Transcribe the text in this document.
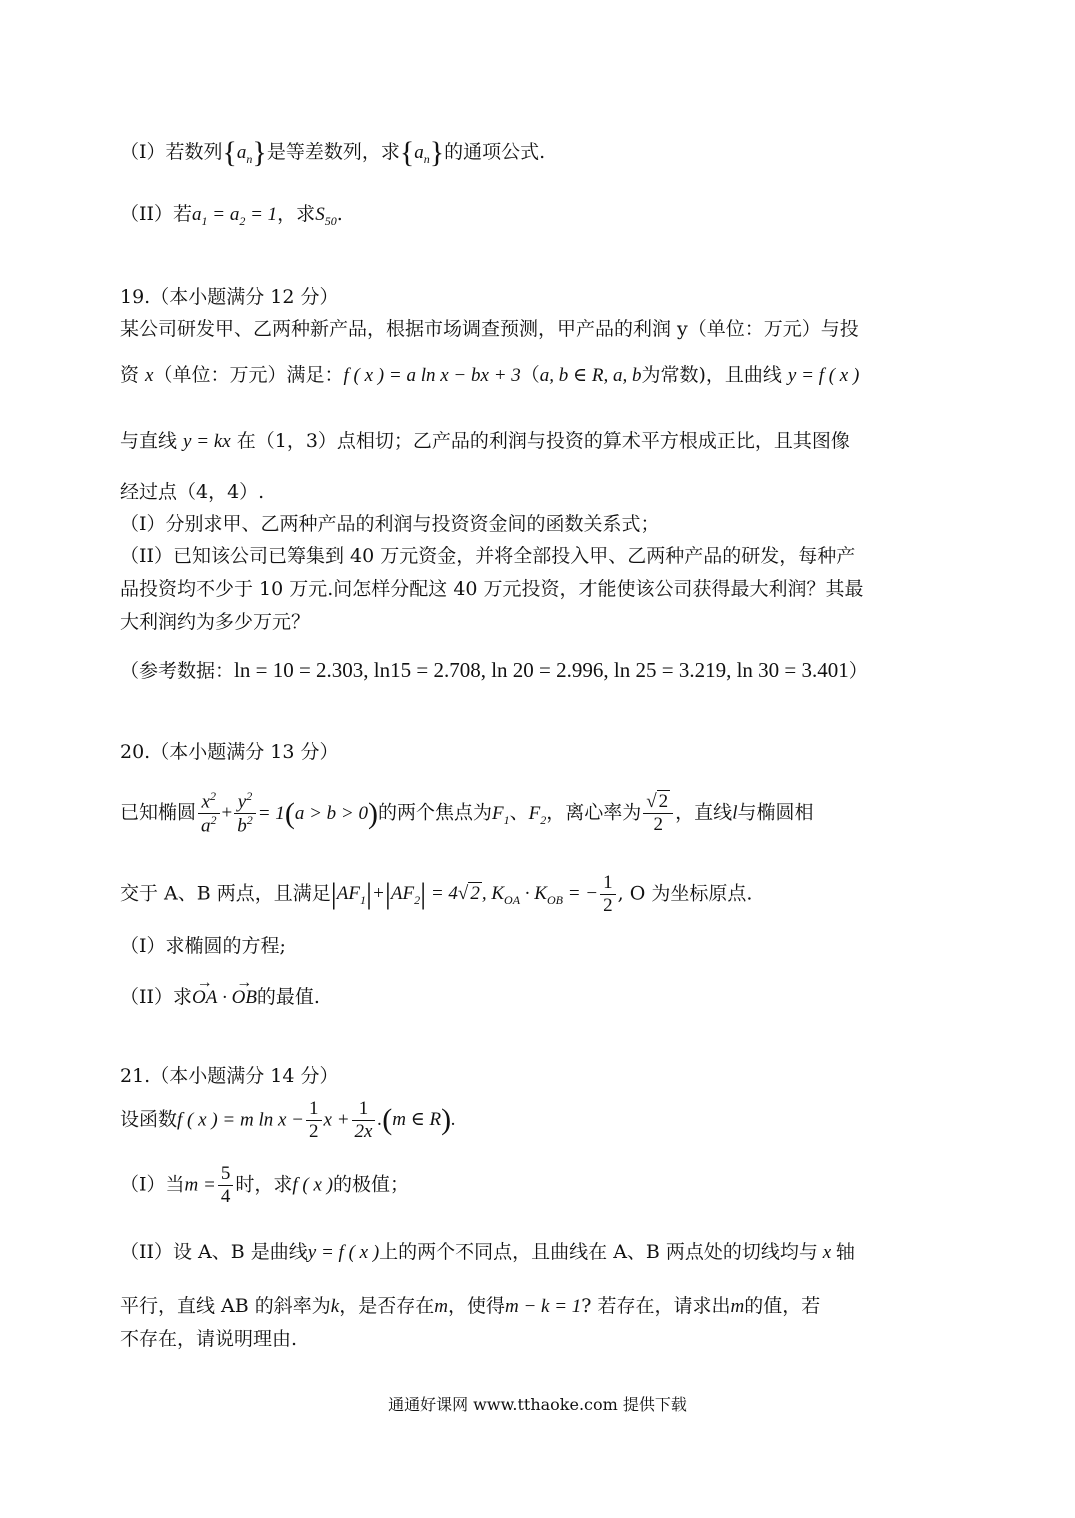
（I）若数列$\{a_n\}$是等差数列，求$\{a_n\}$的通项公式.
（II）若$a_1 = a_2 = 1$，求$S_{50}$.
19.（本小题满分 12 分）
某公司研发甲、乙两种新产品，根据市场调查预测，甲产品的利润 y（单位：万元）与投
资 x（单位：万元）满足：f ( x ) = a ln x − bx + 3（a, b ∈ R, a, b为常数)，且曲线 y = f ( x )
与直线 y = kx 在（1，3）点相切；乙产品的利润与投资的算术平方根成正比，且其图像
经过点（4，4）.
（I）分别求甲、乙两种产品的利润与投资资金间的函数关系式；
（II）已知该公司已筹集到 40 万元资金，并将全部投入甲、乙两种产品的研发，每种产
品投资均不少于 10 万元.问怎样分配这 40 万元投资，才能使该公司获得最大利润？其最
大利润约为多少万元？
（参考数据：ln = 10 = 2.303, ln15 = 2.708, ln 20 = 2.996, ln 25 = 3.219, ln 30 = 3.401）
20.（本小题满分 13 分）
已知椭圆 $\frac{x^2}{a^2} + \frac{y^2}{b^2} = 1(a > b > 0)$的两个焦点为$F_1$、$F_2$，离心率为 $\frac{√ 2}{2}$ ，直线l与椭圆相
交于 A、B 两点，且满足$|AF_1|+|AF_2| = 4√$ 2 , $K_{OA} \cdot K_{OB}$ = − $\frac{1}{2}$ , O 为坐标原点.
（I）求椭圆的方程;
（II）求→ OA · → OB的最值.
21.（本小题满分 14 分）
设函数f ( x ) = m $\ln x - \frac{1}{2}$ $x + \frac{1}{2x} .(m$ ∈ R).
（I）当$m = \frac{5}{4}$ 时，求f ( x )的极值；
（II）设 A、B 是曲线y = f ( x )上的两个不同点，且曲线在 A、B 两点处的切线均与 x 轴
平行，直线 AB 的斜率为k，是否存在m，使得m − k = 1? 若存在，请求出m的值，若
不存在，请说明理由.
通通好课网 www.tthaoke.com 提供下载
